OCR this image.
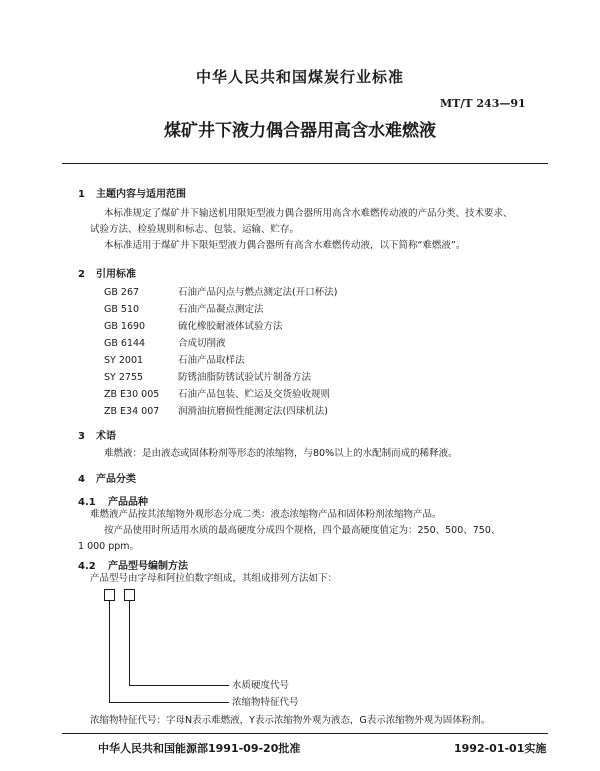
中华人民共和国煤炭行业标准
MT/T 243—91
煤矿井下液力偶合器用高含水难燃液
1 主题内容与适用范围
本标准规定了煤矿井下输送机用限矩型液力偶合器所用高含水难燃传动液的产品分类、技术要求、
试验方法、检验规则和标志、包装、运输、贮存。
本标准适用于煤矿井下限矩型液力偶合器所有高含水难燃传动液，以下简称“难燃液”。
2 引用标准
GB 267	石油产品闪点与燃点测定法(开口杯法)
GB 510	石油产品凝点测定法
GB 1690	硫化橡胶耐液体试验方法
GB 6144	合成切削液
SY 2001	石油产品取样法
SY 2755	防锈油脂防锈试验试片制备方法
ZB E30 005 石油产品包装、贮运及交货验收规则
ZB E34 007 润滑油抗磨损性能测定法(四球机法)
3 术语
难燃液：是由液态或固体粉剂等形态的浓缩物，与80%以上的水配制而成的稀释液。
4 产品分类
4.1 产品品种
难燃液产品按其浓缩物外观形态分成二类：液态浓缩物产品和固体粉剂浓缩物产品。
按产品使用时所适用水质的最高硬度分成四个规格，四个最高硬度值定为：250、500、750、
1 000 ppm。
4.2 产品型号编制方法
产品型号由字母和阿拉伯数字组成，其组成排列方法如下：
水质硬度代号
浓缩物特征代号
浓缩物特征代号：字母N表示难燃液，Y表示浓缩物外观为液态，G表示浓缩物外观为固体粉剂。
中华人民共和国能源部1991-09-20批准	1992-01-01实施
